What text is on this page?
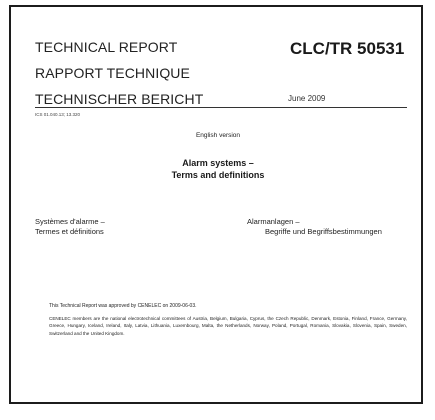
TECHNICAL REPORT	CLC/TR 50531
RAPPORT TECHNIQUE
TECHNISCHER BERICHT	June 2009
ICS 01.040.13; 13.320
English version
Alarm systems –
Terms and definitions
Systèmes d'alarme –
Termes et définitions
Alarmanlagen –
Begriffe und Begriffsbestimmungen
This Technical Report was approved by CENELEC on 2009-06-03.
CENELEC members are the national electrotechnical committees of Austria, Belgium, Bulgaria, Cyprus, the Czech Republic, Denmark, Estonia, Finland, France, Germany, Greece, Hungary, Iceland, Ireland, Italy, Latvia, Lithuania, Luxembourg, Malta, the Netherlands, Norway, Poland, Portugal, Romania, Slovakia, Slovenia, Spain, Sweden, Switzerland and the United Kingdom.
